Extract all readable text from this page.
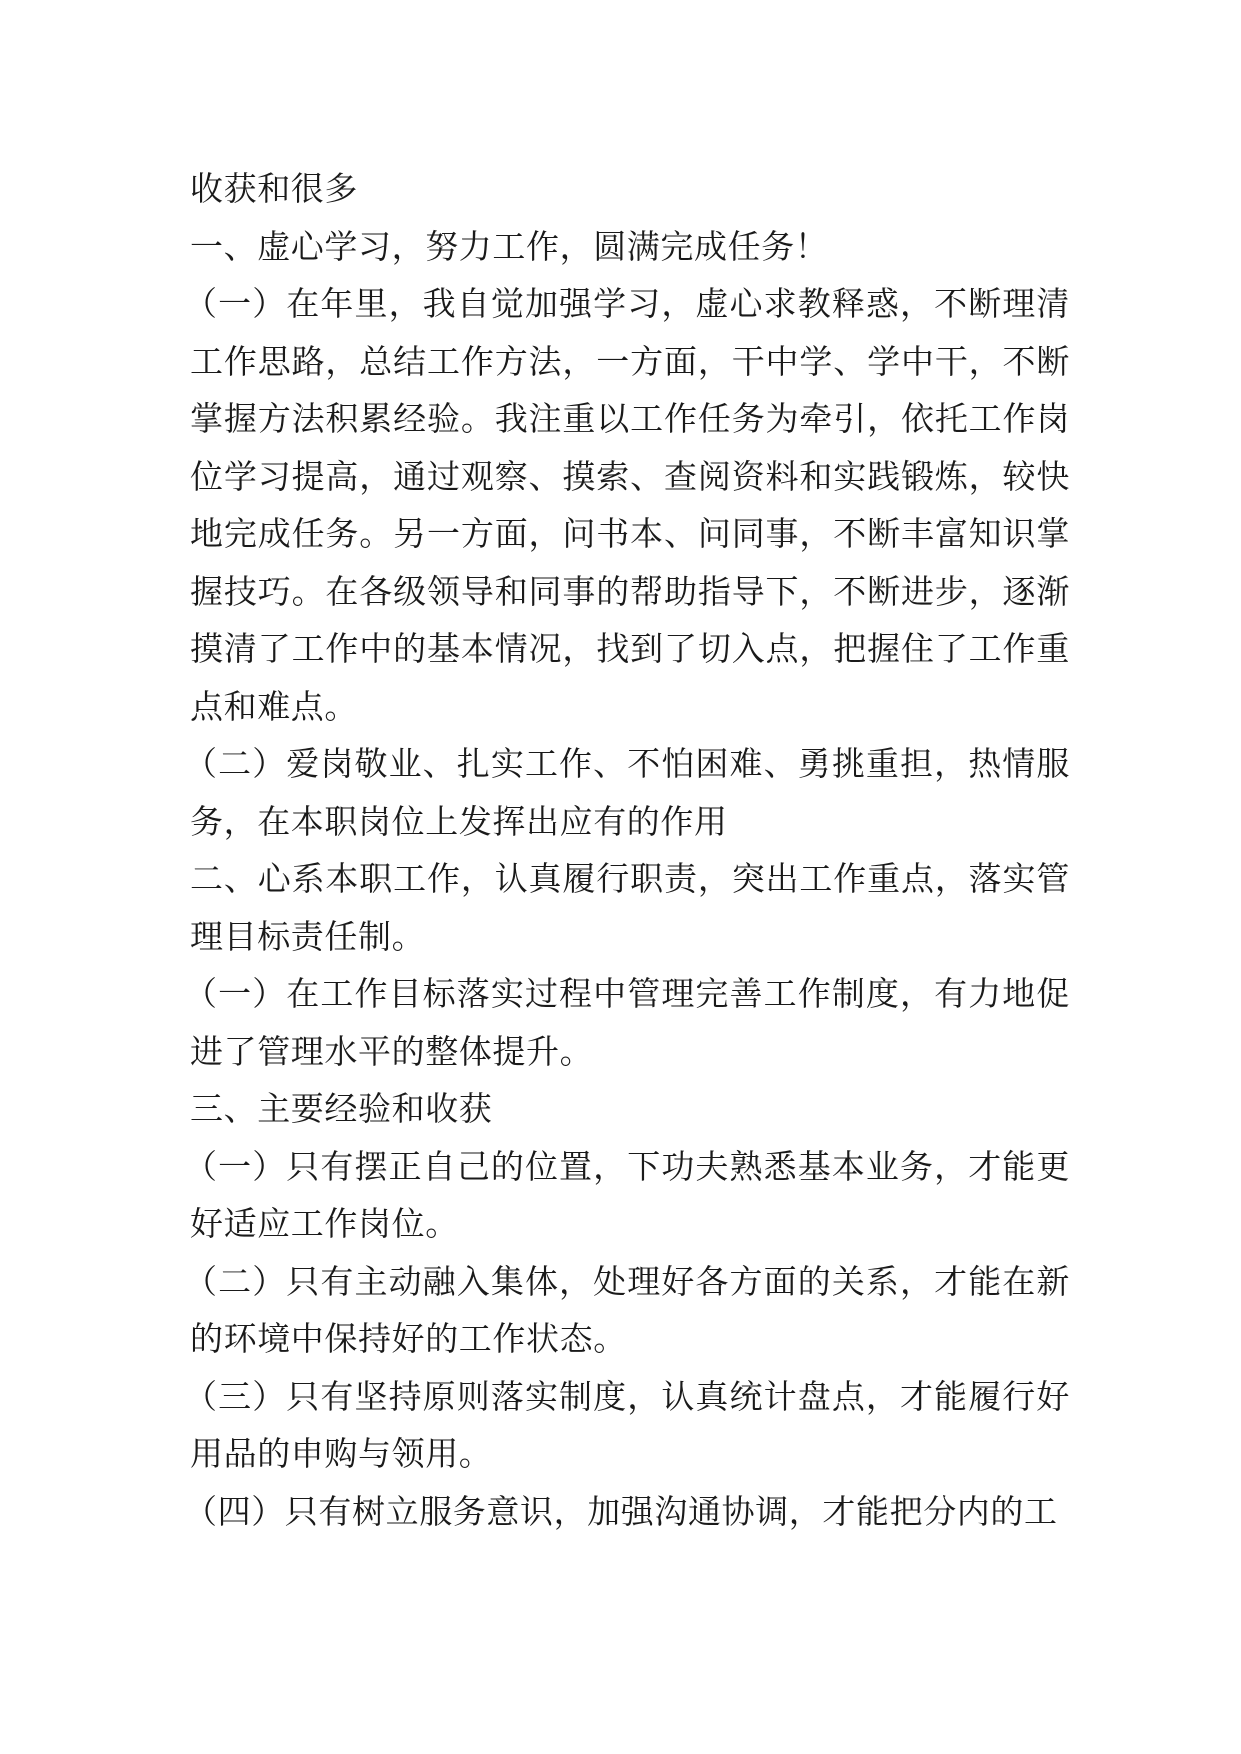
收获和很多

一、虚心学习，努力工作，圆满完成任务！

（一）在年里，我自觉加强学习，虚心求教释惑，不断理清工作思路，总结工作方法，一方面，干中学、学中干，不断掌握方法积累经验。我注重以工作任务为牵引，依托工作岗位学习提高，通过观察、摸索、查阅资料和实践锻炼，较快地完成任务。另一方面，问书本、问同事，不断丰富知识掌握技巧。在各级领导和同事的帮助指导下，不断进步，逐渐摸清了工作中的基本情况，找到了切入点，把握住了工作重点和难点。

（二）爱岗敬业、扎实工作、不怕困难、勇挑重担，热情服务，在本职岗位上发挥出应有的作用

二、心系本职工作，认真履行职责，突出工作重点，落实管理目标责任制。

（一）在工作目标落实过程中管理完善工作制度，有力地促进了管理水平的整体提升。

三、主要经验和收获

（一）只有摆正自己的位置，下功夫熟悉基本业务，才能更好适应工作岗位。

（二）只有主动融入集体，处理好各方面的关系，才能在新的环境中保持好的工作状态。

（三）只有坚持原则落实制度，认真统计盘点，才能履行好用品的申购与领用。

（四）只有树立服务意识，加强沟通协调，才能把分内的工
